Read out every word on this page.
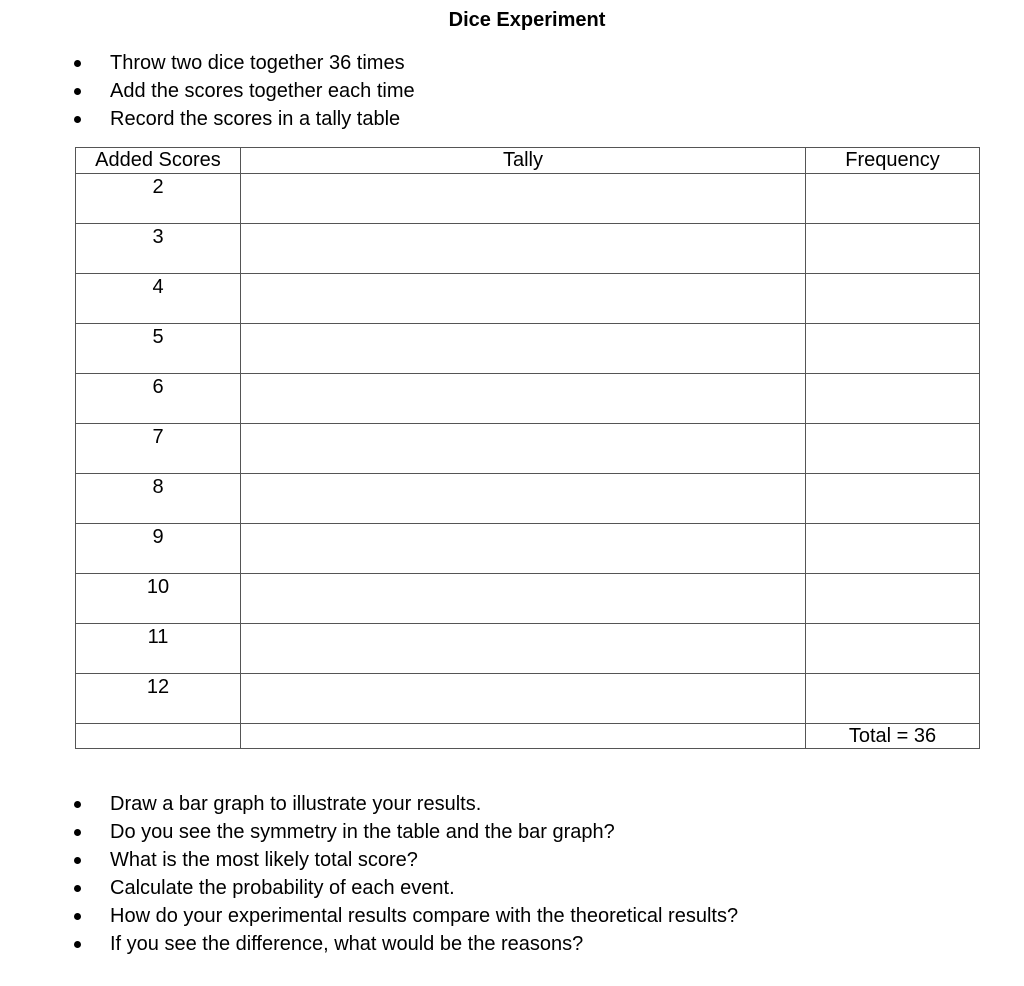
Dice Experiment
Throw two dice together 36 times
Add the scores together each time
Record the scores in a tally table
Added Scores	Tally	Frequency
2		
3		
4		
5		
6		
7		
8		
9		
10		
11		
12		
		Total = 36
Draw a bar graph to illustrate your results.
Do you see the symmetry in the table and the bar graph?
What is the most likely total score?
Calculate the probability of each event.
How do your experimental results compare with the theoretical results?
If you see the difference, what would be the reasons?
